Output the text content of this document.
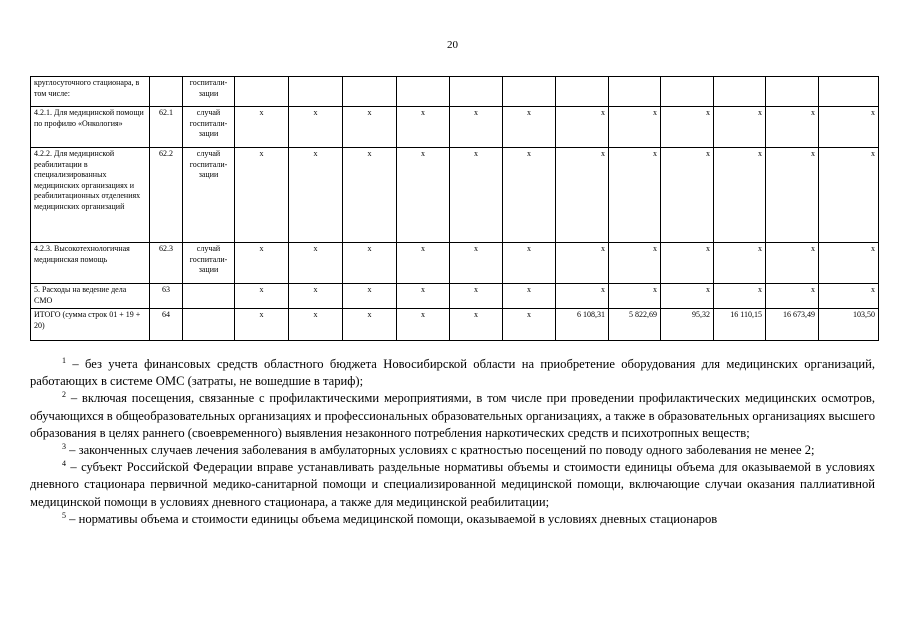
20
круглосуточного стационара, в том числе:		госпитали-зации												
4.2.1. Для медицинской помощи по профилю «Онкология»	62.1	случай госпитали-зации	х	х	х	х	х	х	х	х	х	х	х	х
4.2.2. Для медицинской реабилитации в специализированных медицинских организациях и реабилитационных отделениях медицинских организаций	62.2	случай госпитали-зации	х	х	х	х	х	х	х	х	х	х	х	х
4.2.3. Высокотехнологичная медицинская помощь	62.3	случай госпитали-зации	х	х	х	х	х	х	х	х	х	х	х	х
5. Расходы на ведение дела СМО	63		х	х	х	х	х	х	х	х	х	х	х	х
ИТОГО (сумма строк 01 + 19 + 20)	64		х	х	х	х	х	х	6 108,31	5 822,69	95,32	16 110,15	16 673,49	103,50

$^1$ – без учета финансовых средств областного бюджета Новосибирской области на приобретение оборудования для медицинских организаций, работающих в системе ОМС (затраты, не вошедшие в тариф);

$^2$ – включая посещения, связанные с профилактическими мероприятиями, в том числе при проведении профилактических медицинских осмотров, обучающихся в общеобразовательных организациях и профессиональных образовательных организациях, а также в образовательных организациях высшего образования в целях раннего (своевременного) выявления незаконного потребления наркотических средств и психотропных веществ;

$^3$ – законченных случаев лечения заболевания в амбулаторных условиях с кратностью посещений по поводу одного заболевания не менее 2;

$^4$ – субъект Российской Федерации вправе устанавливать раздельные нормативы объемы и стоимости единицы объема для оказываемой в условиях дневного стационара первичной медико-санитарной помощи и специализированной медицинской помощи, включающие случаи оказания паллиативной медицинской помощи в условиях дневного стационара, а также для медицинской реабилитации;

$^5$ – нормативы объема и стоимости единицы объема медицинской помощи, оказываемой в условиях дневных стационаров
